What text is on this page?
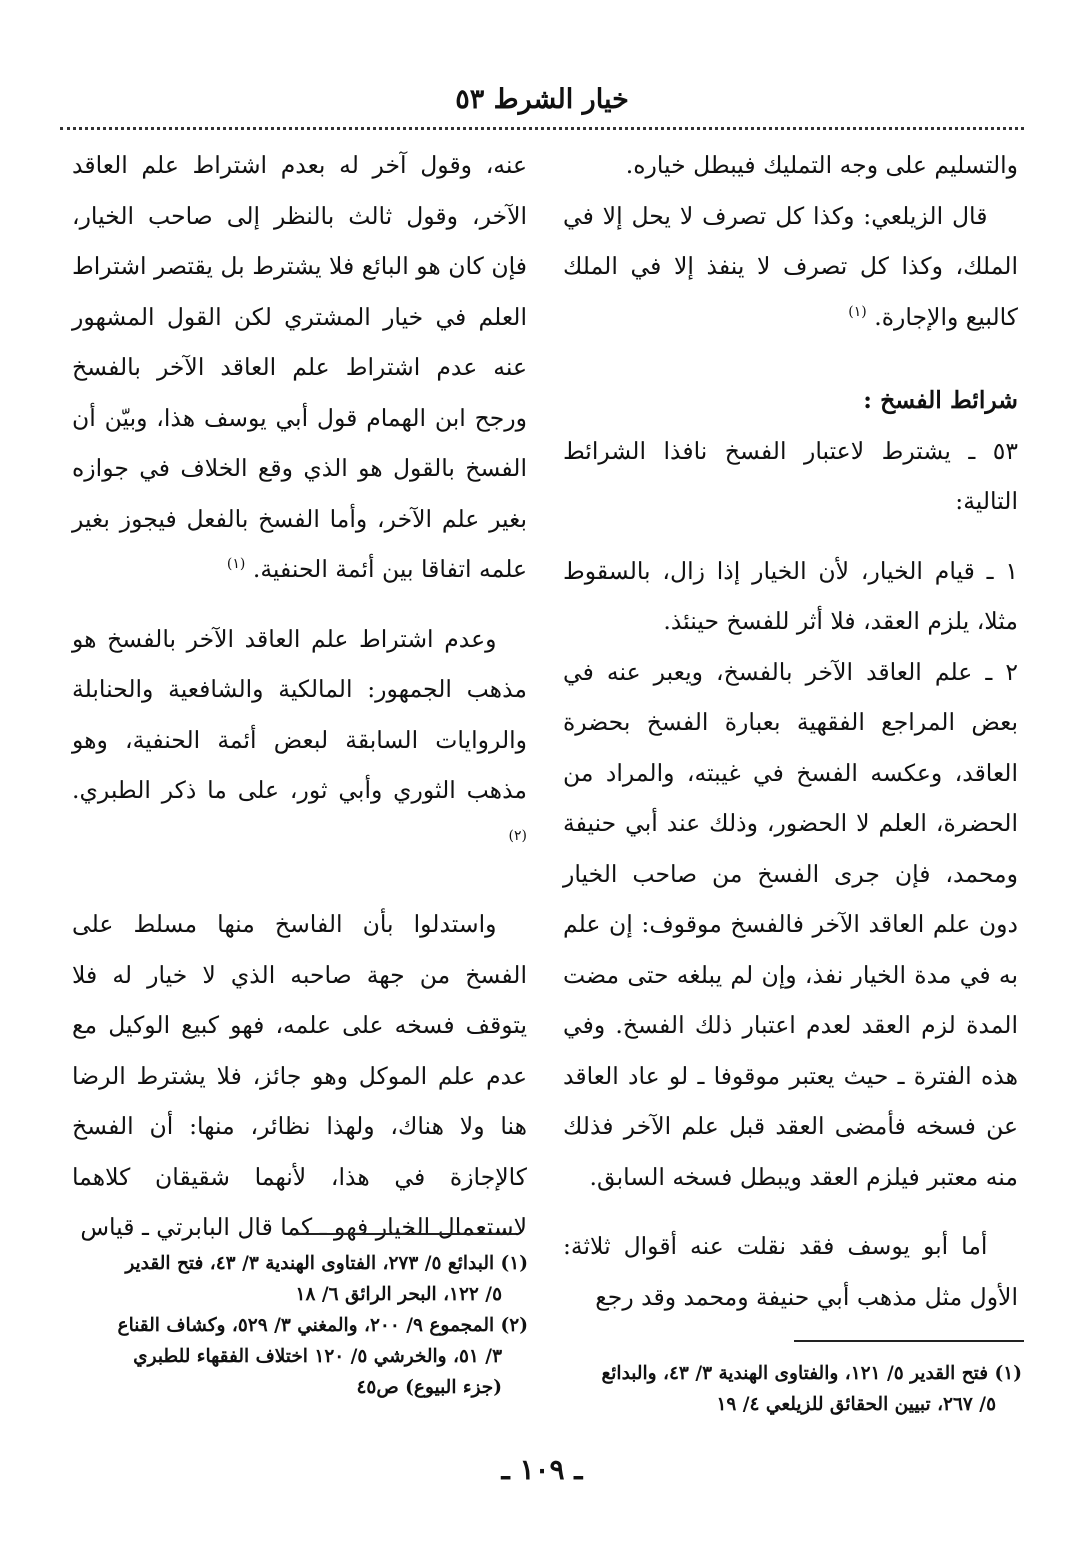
خيار الشرط ٥٣

والتسليم على وجه التمليك فيبطل خياره.

قال الزيلعي: وكذا كل تصرف لا يحل إلا في الملك، وكذا كل تصرف لا ينفذ إلا في الملك كالبيع والإجارة. $^{(١)}$

شرائط الفسخ :

٥٣ ـ يشترط لاعتبار الفسخ نافذا الشرائط التالية:

١ ـ قيام الخيار، لأن الخيار إذا زال، بالسقوط مثلا، يلزم العقد، فلا أثر للفسخ حينئذ.

٢ ـ علم العاقد الآخر بالفسخ، ويعبر عنه في بعض المراجع الفقهية بعبارة الفسخ بحضرة العاقد، وعكسه الفسخ في غيبته، والمراد من الحضرة، العلم لا الحضور، وذلك عند أبي حنيفة ومحمد، فإن جرى الفسخ من صاحب الخيار دون علم العاقد الآخر فالفسخ موقوف: إن علم به في مدة الخيار نفذ، وإن لم يبلغه حتى مضت المدة لزم العقد لعدم اعتبار ذلك الفسخ. وفي هذه الفترة ـ حيث يعتبر موقوفا ـ لو عاد العاقد عن فسخه فأمضى العقد قبل علم الآخر فذلك منه معتبر فيلزم العقد ويبطل فسخه السابق.

أما أبو يوسف فقد نقلت عنه أقوال ثلاثة: الأول مثل مذهب أبي حنيفة ومحمد وقد رجع

عنه، وقول آخر له بعدم اشتراط علم العاقد الآخر، وقول ثالث بالنظر إلى صاحب الخيار، فإن كان هو البائع فلا يشترط بل يقتصر اشتراط العلم في خيار المشتري لكن القول المشهور عنه عدم اشتراط علم العاقد الآخر بالفسخ ورجح ابن الهمام قول أبي يوسف هذا، وبيّن أن الفسخ بالقول هو الذي وقع الخلاف في جوازه بغير علم الآخر، وأما الفسخ بالفعل فيجوز بغير علمه اتفاقا بين أئمة الحنفية. $^{(١)}$

وعدم اشتراط علم العاقد الآخر بالفسخ هو مذهب الجمهور: المالكية والشافعية والحنابلة والروايات السابقة لبعض أئمة الحنفية، وهو مذهب الثوري وأبي ثور، على ما ذكر الطبري. $^{(٢)}$

واستدلوا بأن الفاسخ منها مسلط على الفسخ من جهة صاحبه الذي لا خيار له فلا يتوقف فسخه على علمه، فهو كبيع الوكيل مع عدم علم الموكل وهو جائز، فلا يشترط الرضا هنا ولا هناك، ولهذا نظائر، منها: أن الفسخ كالإجازة في هذا، لأنهما شقيقان كلاهما لاستعمال الخيار فهو ـ كما قال البابرتي ـ قياس

(١) فتح القدير ٥/ ١٢١، والفتاوى الهندية ٣/ ٤٣، والبدائع

٥/ ٢٦٧، تبيين الحقائق للزيلعي ٤/ ١٩

(١) البدائع ٥/ ٢٧٣، الفتاوى الهندية ٣/ ٤٣، فتح القدير

٥/ ١٢٢، البحر الرائق ٦/ ١٨

(٢) المجموع ٩/ ٢٠٠، والمغني ٣/ ٥٢٩، وكشاف القناع

٣/ ٥١، والخرشي ٥/ ١٢٠ اختلاف الفقهاء للطبري

(جزء البيوع) ص٤٥

ـ ١٠٩ ـ
